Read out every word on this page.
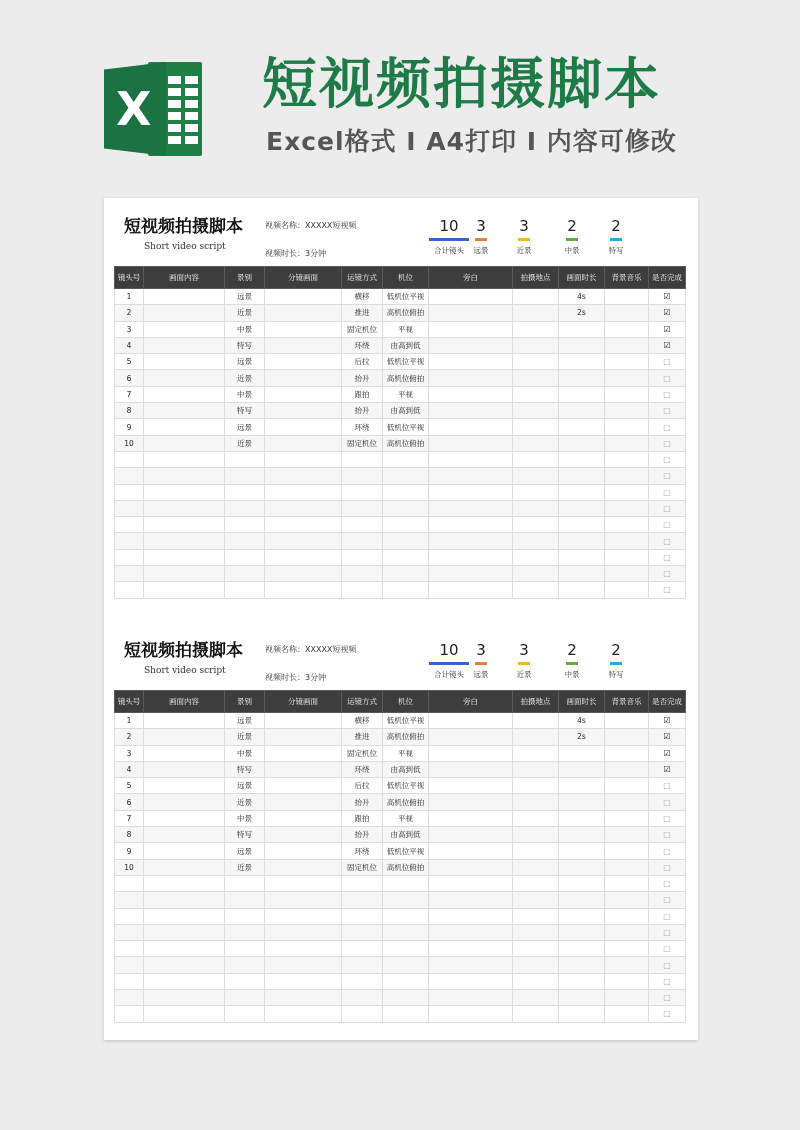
X 短视频拍摄脚本
Excel格式 Ⅰ A4打印 Ⅰ 内容可修改
短视频拍摄脚本
Short video script
视频名称：XXXXX短视频
视频时长：3分钟
10
合计镜头
3
远景
3
近景
2
中景
2
特写
镜头号	画面内容	景别	分镜画面	运镜方式	机位	旁白	拍摄地点	画面时长	背景音乐	是否完成
1		远景		横移	低机位平视			4s		☑
2		近景		推进	高机位俯拍			2s		☑
3		中景		固定机位	平视					☑
4		特写		环绕	由高到低					☑
5		远景		后拉	低机位平视					□
6		近景		抬升	高机位俯拍					□
7		中景		跟拍	平视					□
8		特写		抬升	由高到低					□
9		远景		环绕	低机位平视					□
10		近景		固定机位	高机位俯拍					□
										□
										□
										□
										□
										□
										□
										□
										□
										□
短视频拍摄脚本
Short video script
视频名称：XXXXX短视频
视频时长：3分钟
10
合计镜头
3
远景
3
近景
2
中景
2
特写
镜头号	画面内容	景别	分镜画面	运镜方式	机位	旁白	拍摄地点	画面时长	背景音乐	是否完成
1		远景		横移	低机位平视			4s		☑
2		近景		推进	高机位俯拍			2s		☑
3		中景		固定机位	平视					☑
4		特写		环绕	由高到低					☑
5		远景		后拉	低机位平视					□
6		近景		抬升	高机位俯拍					□
7		中景		跟拍	平视					□
8		特写		抬升	由高到低					□
9		远景		环绕	低机位平视					□
10		近景		固定机位	高机位俯拍					□
										□
										□
										□
										□
										□
										□
										□
										□
										□
